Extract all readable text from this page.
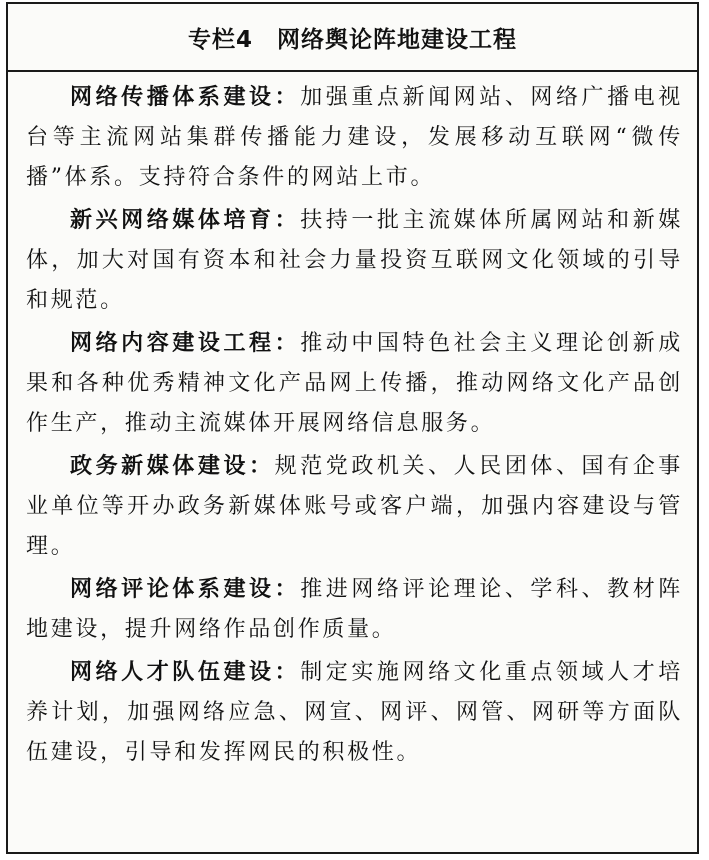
专栏4 网络舆论阵地建设工程

网络传播体系建设：加强重点新闻网站、网络广播电视台等主流网站集群传播能力建设，发展移动互联网“微传播”体系。支持符合条件的网站上市。

新兴网络媒体培育：扶持一批主流媒体所属网站和新媒体，加大对国有资本和社会力量投资互联网文化领域的引导和规范。

网络内容建设工程：推动中国特色社会主义理论创新成果和各种优秀精神文化产品网上传播，推动网络文化产品创作生产，推动主流媒体开展网络信息服务。

政务新媒体建设：规范党政机关、人民团体、国有企事业单位等开办政务新媒体账号或客户端，加强内容建设与管理。

网络评论体系建设：推进网络评论理论、学科、教材阵地建设，提升网络作品创作质量。

网络人才队伍建设：制定实施网络文化重点领域人才培养计划，加强网络应急、网宣、网评、网管、网研等方面队伍建设，引导和发挥网民的积极性。
